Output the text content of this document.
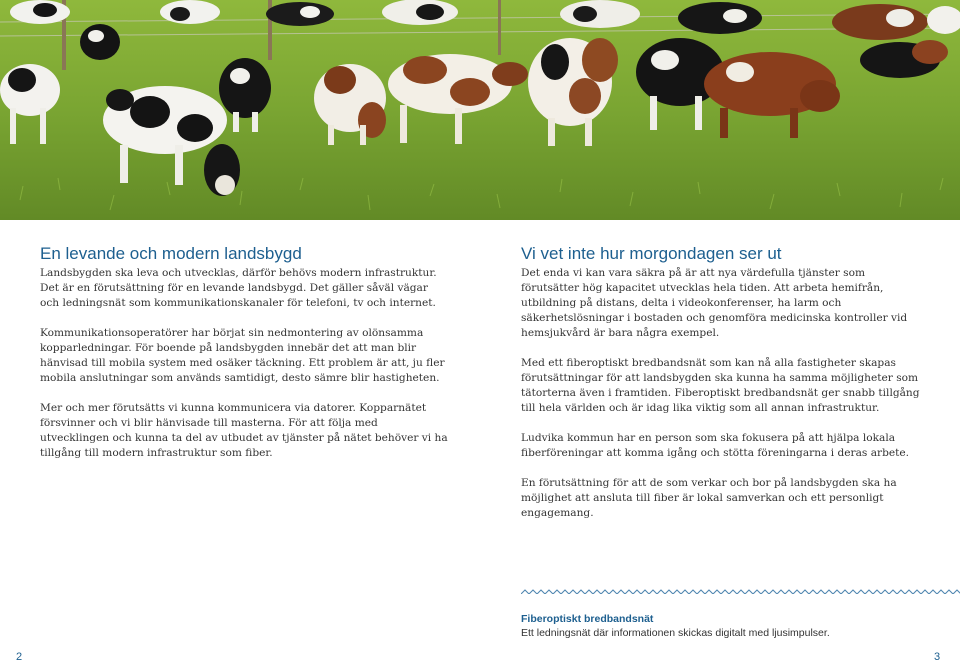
En levande och modern landsbygd

Landsbygden ska leva och utvecklas, därför behövs modern infrastruktur. Det är en förutsättning för en levande landsbygd. Det gäller såväl vägar och ledningsnät som kommunikationskanaler för telefoni, tv och internet.

Kommunikationsoperatörer har börjat sin nedmontering av olönsamma kopparledningar. För boende på landsbygden innebär det att man blir hänvisad till mobila system med osäker täckning. Ett problem är att, ju fler mobila anslutningar som används samtidigt, desto sämre blir hastigheten.

Mer och mer förutsätts vi kunna kommunicera via datorer. Kopparnätet försvinner och vi blir hänvisade till masterna. För att följa med utvecklingen och kunna ta del av utbudet av tjänster på nätet behöver vi ha tillgång till modern infrastruktur som fiber.

Vi vet inte hur morgondagen ser ut

Det enda vi kan vara säkra på är att nya värdefulla tjänster som förutsätter hög kapacitet utvecklas hela tiden. Att arbeta hemifrån, utbildning på distans, delta i videokonferenser, ha larm och säkerhetslösningar i bostaden och genomföra medicinska kontroller vid hemsjukvård är bara några exempel.

Med ett fiberoptiskt bredbandsnät som kan nå alla fastigheter skapas förutsättningar för att landsbygden ska kunna ha samma möjligheter som tätorterna även i framtiden. Fiberoptiskt bredbandsnät ger snabb tillgång till hela världen och är idag lika viktig som all annan infrastruktur.

Ludvika kommun har en person som ska fokusera på att hjälpa lokala fiberföreningar att komma igång och stötta föreningarna i deras arbete.

En förutsättning för att de som verkar och bor på landsbygden ska ha möjlighet att ansluta till fiber är lokal samverkan och ett personligt engagemang.

Fiberoptiskt bredbandsnät
Ett ledningsnät där informationen skickas digitalt med ljusimpulser.
2	3
